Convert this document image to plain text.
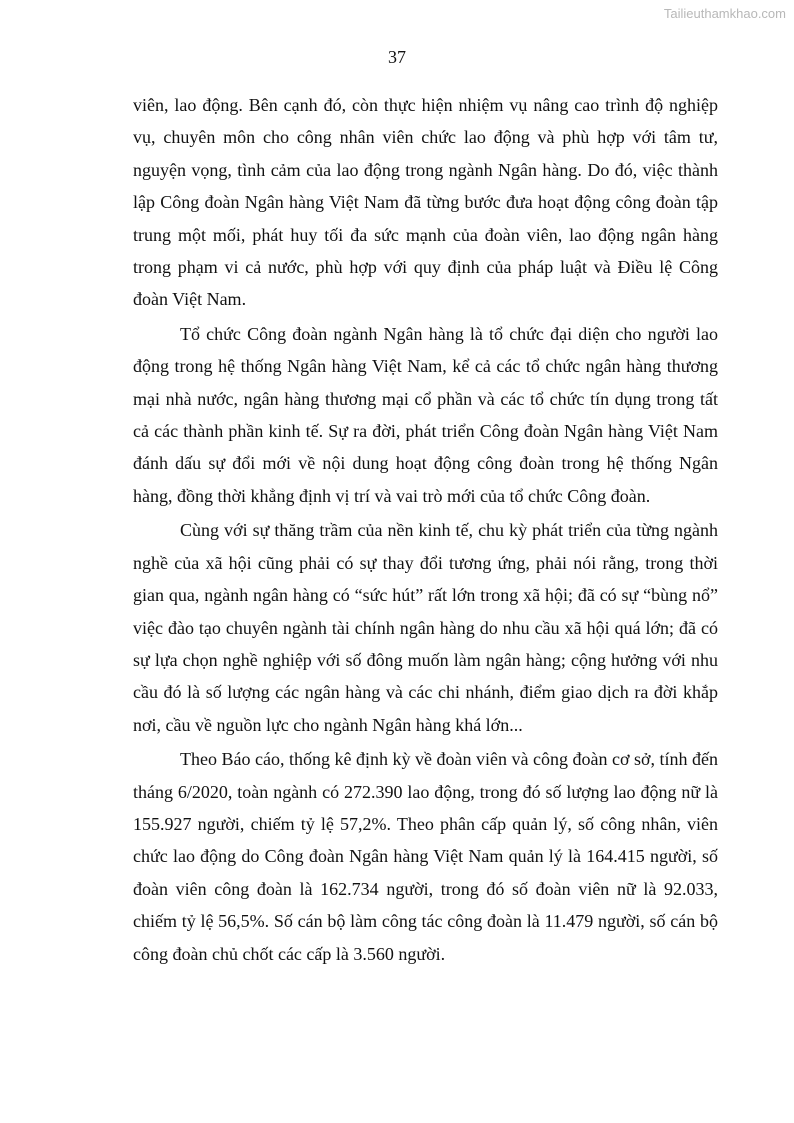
Tailieuthamkhao.com
37

viên, lao động. Bên cạnh đó, còn thực hiện nhiệm vụ nâng cao trình độ nghiệp vụ, chuyên môn cho công nhân viên chức lao động và phù hợp với tâm tư, nguyện vọng, tình cảm của lao động trong ngành Ngân hàng. Do đó, việc thành lập Công đoàn Ngân hàng Việt Nam đã từng bước đưa hoạt động công đoàn tập trung một mối, phát huy tối đa sức mạnh của đoàn viên, lao động ngân hàng trong phạm vi cả nước, phù hợp với quy định của pháp luật và Điều lệ Công đoàn Việt Nam.

Tổ chức Công đoàn ngành Ngân hàng là tổ chức đại diện cho người lao động trong hệ thống Ngân hàng Việt Nam, kể cả các tổ chức ngân hàng thương mại nhà nước, ngân hàng thương mại cổ phần và các tổ chức tín dụng trong tất cả các thành phần kinh tế. Sự ra đời, phát triển Công đoàn Ngân hàng Việt Nam đánh dấu sự đổi mới về nội dung hoạt động công đoàn trong hệ thống Ngân hàng, đồng thời khẳng định vị trí và vai trò mới của tổ chức Công đoàn.

Cùng với sự thăng trầm của nền kinh tế, chu kỳ phát triển của từng ngành nghề của xã hội cũng phải có sự thay đổi tương ứng, phải nói rằng, trong thời gian qua, ngành ngân hàng có “sức hút” rất lớn trong xã hội; đã có sự “bùng nổ” việc đào tạo chuyên ngành tài chính ngân hàng do nhu cầu xã hội quá lớn; đã có sự lựa chọn nghề nghiệp với số đông muốn làm ngân hàng; cộng hưởng với nhu cầu đó là số lượng các ngân hàng và các chi nhánh, điểm giao dịch ra đời khắp nơi, cầu về nguồn lực cho ngành Ngân hàng khá lớn...

Theo Báo cáo, thống kê định kỳ về đoàn viên và công đoàn cơ sở, tính đến tháng 6/2020, toàn ngành có 272.390 lao động, trong đó số lượng lao động nữ là 155.927 người, chiếm tỷ lệ 57,2%. Theo phân cấp quản lý, số công nhân, viên chức lao động do Công đoàn Ngân hàng Việt Nam quản lý là 164.415 người, số đoàn viên công đoàn là 162.734 người, trong đó số đoàn viên nữ là 92.033, chiếm tỷ lệ 56,5%. Số cán bộ làm công tác công đoàn là 11.479 người, số cán bộ công đoàn chủ chốt các cấp là 3.560 người.
